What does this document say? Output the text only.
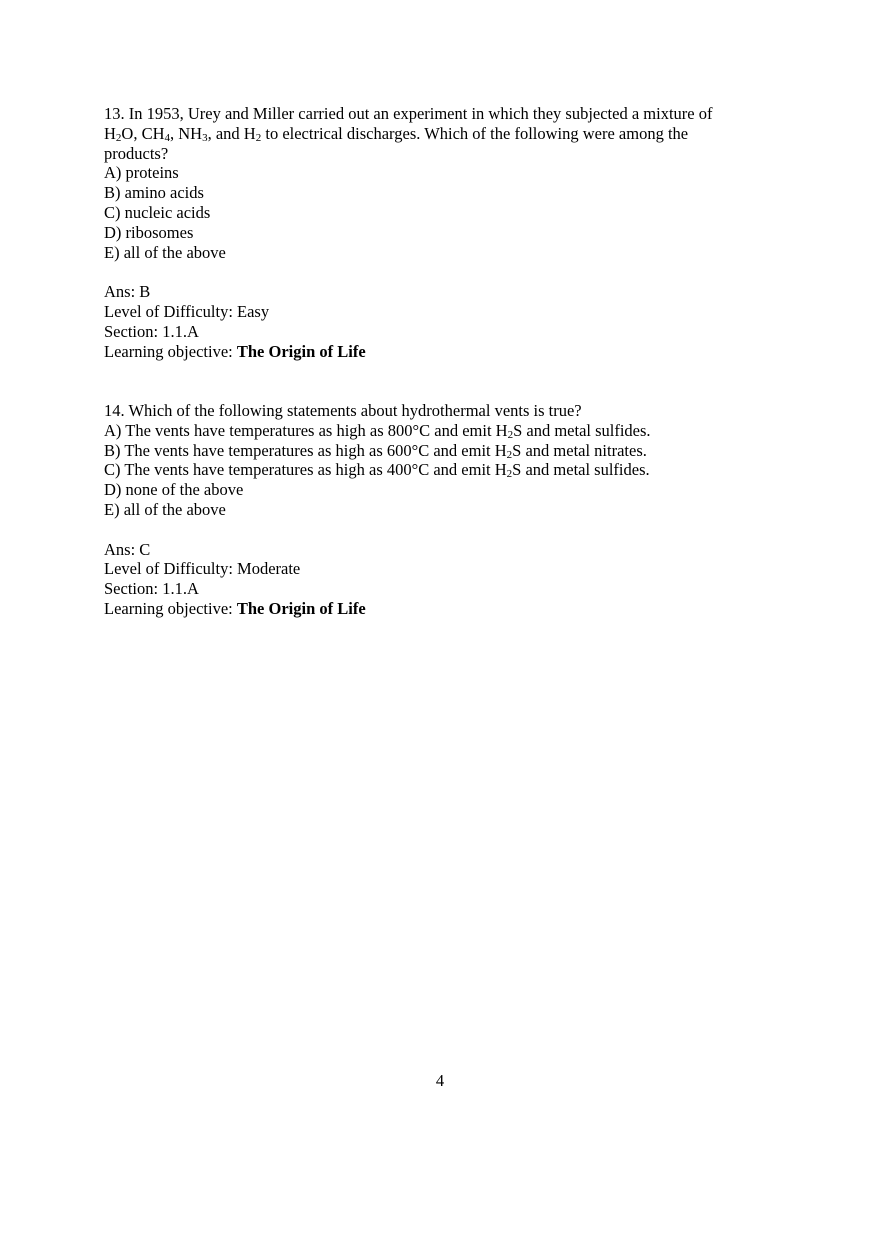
13. In 1953, Urey and Miller carried out an experiment in which they subjected a mixture of
$H_2O$, $CH_4$, $NH_3$, and $H_2$ to electrical discharges. Which of the following were among the
products?
A) proteins
B) amino acids
C) nucleic acids
D) ribosomes
E) all of the above
Ans: B
Level of Difficulty: Easy
Section: 1.1.A
Learning objective: The Origin of Life
14. Which of the following statements about hydrothermal vents is true?
A) The vents have temperatures as high as 800°C and emit $H_2S$ and metal sulfides.
B) The vents have temperatures as high as 600°C and emit $H_2S$ and metal nitrates.
C) The vents have temperatures as high as 400°C and emit $H_2S$ and metal sulfides.
D) none of the above
E) all of the above
Ans: C
Level of Difficulty: Moderate
Section: 1.1.A
Learning objective: The Origin of Life
4
